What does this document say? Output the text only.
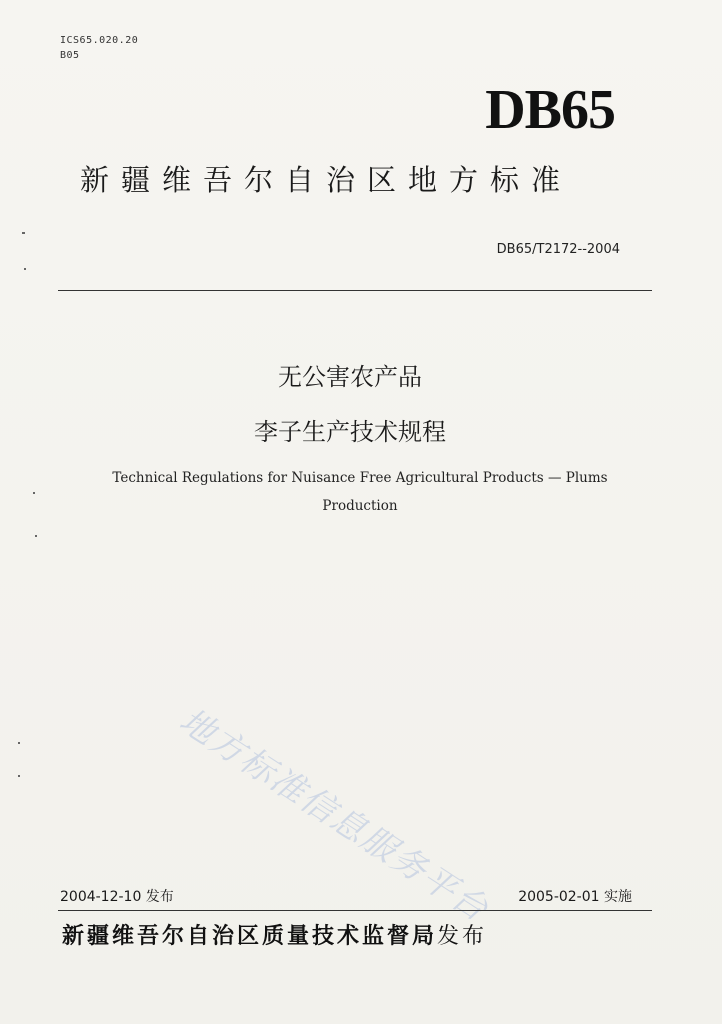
ICS65.020.20
B05
DB65
新疆维吾尔自治区地方标准
DB65/T2172--2004
无公害农产品
李子生产技术规程
Technical Regulations for Nuisance Free Agricultural Products — Plums
Production
地方标准信息服务平台
2004-12-10 发布	2005-02-01 实施
新疆维吾尔自治区质量技术监督局发布
